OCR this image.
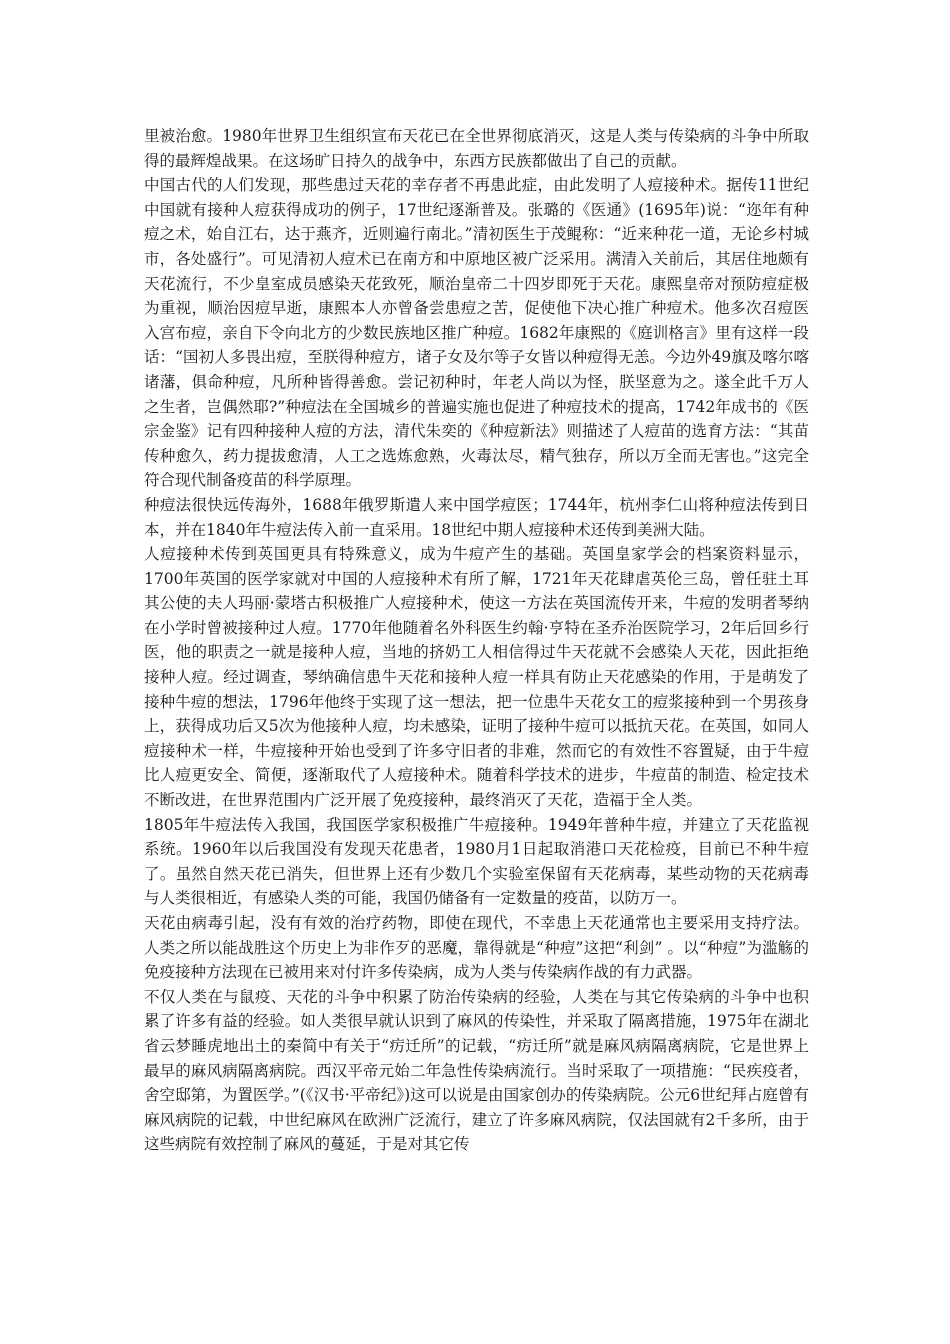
里被治愈。1980年世界卫生组织宣布天花已在全世界彻底消灭，这是人类与传染病的斗争中所取得的最辉煌战果。在这场旷日持久的战争中，东西方民族都做出了自己的贡献。

中国古代的人们发现，那些患过天花的幸存者不再患此症，由此发明了人痘接种术。据传11世纪中国就有接种人痘获得成功的例子，17世纪逐渐普及。张璐的《医通》(1695年)说：“迩年有种痘之术，始自江右，达于燕齐，近则遍行南北。”清初医生于茂鲲称：“近来种花一道，无论乡村城市，各处盛行”。可见清初人痘术已在南方和中原地区被广泛采用。满清入关前后，其居住地颇有天花流行，不少皇室成员感染天花致死，顺治皇帝二十四岁即死于天花。康熙皇帝对预防痘症极为重视，顺治因痘早逝，康熙本人亦曾备尝患痘之苦，促使他下决心推广种痘术。他多次召痘医入宫布痘，亲自下令向北方的少数民族地区推广种痘。1682年康熙的《庭训格言》里有这样一段话：“国初人多畏出痘，至朕得种痘方，诸子女及尔等子女皆以种痘得无恙。今边外49旗及喀尔喀诸藩，俱命种痘，凡所种皆得善愈。尝记初种时，年老人尚以为怪，朕坚意为之。遂全此千万人之生者，岂偶然耶?”种痘法在全国城乡的普遍实施也促进了种痘技术的提高，1742年成书的《医宗金鉴》记有四种接种人痘的方法，清代朱奕的《种痘新法》则描述了人痘苗的选育方法：“其苗传种愈久，药力提拔愈清，人工之选炼愈熟，火毒汰尽，精气独存，所以万全而无害也。”这完全符合现代制备疫苗的科学原理。

种痘法很快远传海外，1688年俄罗斯遣人来中国学痘医；1744年，杭州李仁山将种痘法传到日本，并在1840年牛痘法传入前一直采用。18世纪中期人痘接种术还传到美洲大陆。

人痘接种术传到英国更具有特殊意义，成为牛痘产生的基础。英国皇家学会的档案资料显示，1700年英国的医学家就对中国的人痘接种术有所了解，1721年天花肆虐英伦三岛，曾任驻土耳其公使的夫人玛丽·蒙塔古积极推广人痘接种术，使这一方法在英国流传开来，牛痘的发明者琴纳在小学时曾被接种过人痘。1770年他随着名外科医生约翰·亨特在圣乔治医院学习，2年后回乡行医，他的职责之一就是接种人痘，当地的挤奶工人相信得过牛天花就不会感染人天花，因此拒绝接种人痘。经过调查，琴纳确信患牛天花和接种人痘一样具有防止天花感染的作用，于是萌发了接种牛痘的想法，1796年他终于实现了这一想法，把一位患牛天花女工的痘浆接种到一个男孩身上，获得成功后又5次为他接种人痘，均未感染，证明了接种牛痘可以抵抗天花。在英国，如同人痘接种术一样，牛痘接种开始也受到了许多守旧者的非难，然而它的有效性不容置疑，由于牛痘比人痘更安全、简便，逐渐取代了人痘接种术。随着科学技术的进步，牛痘苗的制造、检定技术不断改进，在世界范围内广泛开展了免疫接种，最终消灭了天花，造福于全人类。

1805年牛痘法传入我国，我国医学家积极推广牛痘接种。1949年普种牛痘，并建立了天花监视系统。1960年以后我国没有发现天花患者，1980月1日起取消港口天花检疫，目前已不种牛痘了。虽然自然天花已消失，但世界上还有少数几个实验室保留有天花病毒，某些动物的天花病毒与人类很相近，有感染人类的可能，我国仍储备有一定数量的疫苗，以防万一。

天花由病毒引起，没有有效的治疗药物，即使在现代，不幸患上天花通常也主要采用支持疗法。人类之所以能战胜这个历史上为非作歹的恶魔，靠得就是“种痘”这把“利剑” 。以“种痘”为滥觞的免疫接种方法现在已被用来对付许多传染病，成为人类与传染病作战的有力武器。

不仅人类在与鼠疫、天花的斗争中积累了防治传染病的经验，人类在与其它传染病的斗争中也积累了许多有益的经验。如人类很早就认识到了麻风的传染性，并采取了隔离措施，1975年在湖北省云梦睡虎地出土的秦简中有关于“疠迁所”的记载，“疠迁所”就是麻风病隔离病院，它是世界上最早的麻风病隔离病院。西汉平帝元始二年急性传染病流行。当时采取了一项措施：“民疾疫者，舍空邸第，为置医学。”(《汉书·平帝纪》)这可以说是由国家创办的传染病院。公元6世纪拜占庭曾有麻风病院的记载，中世纪麻风在欧洲广泛流行，建立了许多麻风病院，仅法国就有2千多所，由于这些病院有效控制了麻风的蔓延，于是对其它传
